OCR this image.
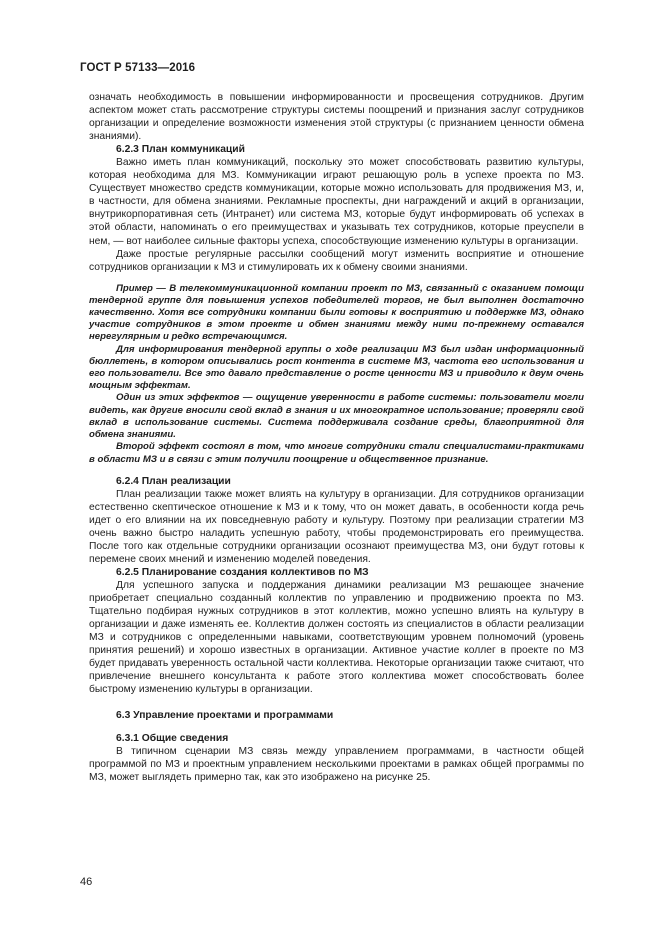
ГОСТ Р 57133—2016

означать необходимость в повышении информированности и просвещения сотрудников. Другим аспектом может стать рассмотрение структуры системы поощрений и признания заслуг сотрудников организации и определение возможности изменения этой структуры (с признанием ценности обмена знаниями).

6.2.3 План коммуникаций

Важно иметь план коммуникаций, поскольку это может способствовать развитию культуры, которая необходима для МЗ. Коммуникации играют решающую роль в успехе проекта по МЗ. Существует множество средств коммуникации, которые можно использовать для продвижения МЗ, и, в частности, для обмена знаниями. Рекламные проспекты, дни награждений и акций в организации, внутрикорпоративная сеть (Интранет) или система МЗ, которые будут информировать об успехах в этой области, напоминать о его преимуществах и указывать тех сотрудников, которые преуспели в нем, — вот наиболее сильные факторы успеха, способствующие изменению культуры в организации.

Даже простые регулярные рассылки сообщений могут изменить восприятие и отношение сотрудников организации к МЗ и стимулировать их к обмену своими знаниями.

Пример — В телекоммуникационной компании проект по МЗ, связанный с оказанием помощи тендерной группе для повышения успехов победителей торгов, не был выполнен достаточно качественно. Хотя все сотрудники компании были готовы к восприятию и поддержке МЗ, однако участие сотрудников в этом проекте и обмен знаниями между ними по-прежнему оставался нерегулярным и редко встречающимся.

Для информирования тендерной группы о ходе реализации МЗ был издан информационный бюллетень, в котором описывались рост контента в системе МЗ, частота его использования и его пользователи. Все это давало представление о росте ценности МЗ и приводило к двум очень мощным эффектам.

Один из этих эффектов — ощущение уверенности в работе системы: пользователи могли видеть, как другие вносили свой вклад в знания и их многократное использование; проверяли свой вклад в использование системы. Система поддерживала создание среды, благоприятной для обмена знаниями.

Второй эффект состоял в том, что многие сотрудники стали специалистами-практиками в области МЗ и в связи с этим получили поощрение и общественное признание.

6.2.4 План реализации

План реализации также может влиять на культуру в организации. Для сотрудников организации естественно скептическое отношение к МЗ и к тому, что он может давать, в особенности когда речь идет о его влиянии на их повседневную работу и культуру. Поэтому при реализации стратегии МЗ очень важно быстро наладить успешную работу, чтобы продемонстрировать его преимущества. После того как отдельные сотрудники организации осознают преимущества МЗ, они будут готовы к перемене своих мнений и изменению моделей поведения.

6.2.5 Планирование создания коллективов по МЗ

Для успешного запуска и поддержания динамики реализации МЗ решающее значение приобретает специально созданный коллектив по управлению и продвижению проекта по МЗ. Тщательно подбирая нужных сотрудников в этот коллектив, можно успешно влиять на культуру в организации и даже изменять ее. Коллектив должен состоять из специалистов в области реализации МЗ и сотрудников с определенными навыками, соответствующим уровнем полномочий (уровень принятия решений) и хорошо известных в организации. Активное участие коллег в проекте по МЗ будет придавать уверенность остальной части коллектива. Некоторые организации также считают, что привлечение внешнего консультанта к работе этого коллектива может способствовать более быстрому изменению культуры в организации.

6.3 Управление проектами и программами

6.3.1 Общие сведения

В типичном сценарии МЗ связь между управлением программами, в частности общей программой по МЗ и проектным управлением несколькими проектами в рамках общей программы по МЗ, может выглядеть примерно так, как это изображено на рисунке 25.

46
